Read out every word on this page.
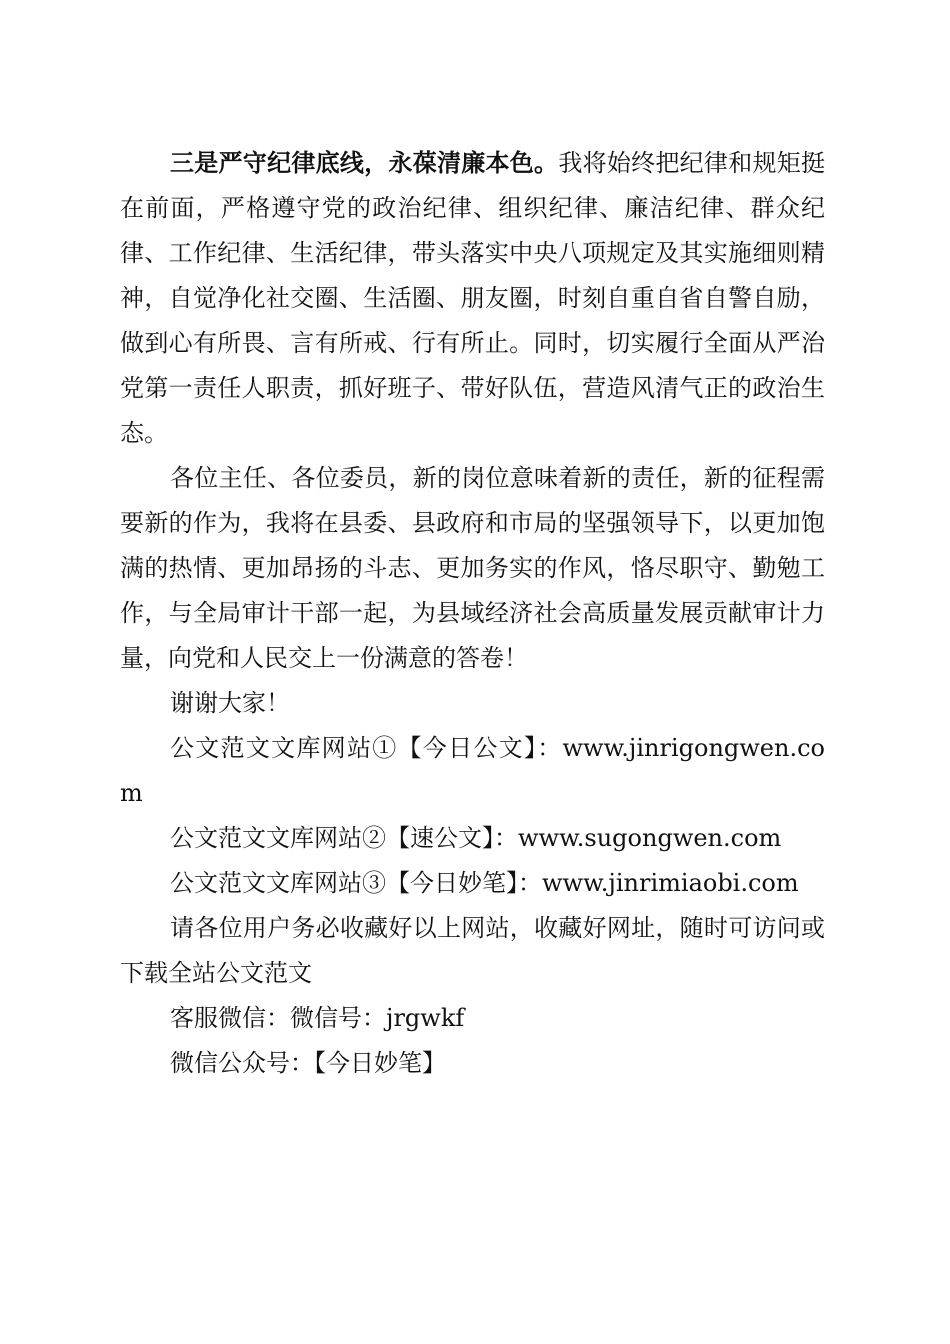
三是严守纪律底线，永葆清廉本色。我将始终把纪律和规矩挺在前面，严格遵守党的政治纪律、组织纪律、廉洁纪律、群众纪律、工作纪律、生活纪律，带头落实中央八项规定及其实施细则精神，自觉净化社交圈、生活圈、朋友圈，时刻自重自省自警自励，做到心有所畏、言有所戒、行有所止。同时，切实履行全面从严治党第一责任人职责，抓好班子、带好队伍，营造风清气正的政治生态。

各位主任、各位委员，新的岗位意味着新的责任，新的征程需要新的作为，我将在县委、县政府和市局的坚强领导下，以更加饱满的热情、更加昂扬的斗志、更加务实的作风，恪尽职守、勤勉工作，与全局审计干部一起，为县域经济社会高质量发展贡献审计力量，向党和人民交上一份满意的答卷！

谢谢大家！

公文范文文库网站①【今日公文】：www.jinrigongwen.com

公文范文文库网站②【速公文】：www.sugongwen.com

公文范文文库网站③【今日妙笔】：www.jinrimiaobi.com

请各位用户务必收藏好以上网站，收藏好网址，随时可访问或下载全站公文范文

客服微信：微信号：jrgwkf

微信公众号：【今日妙笔】
